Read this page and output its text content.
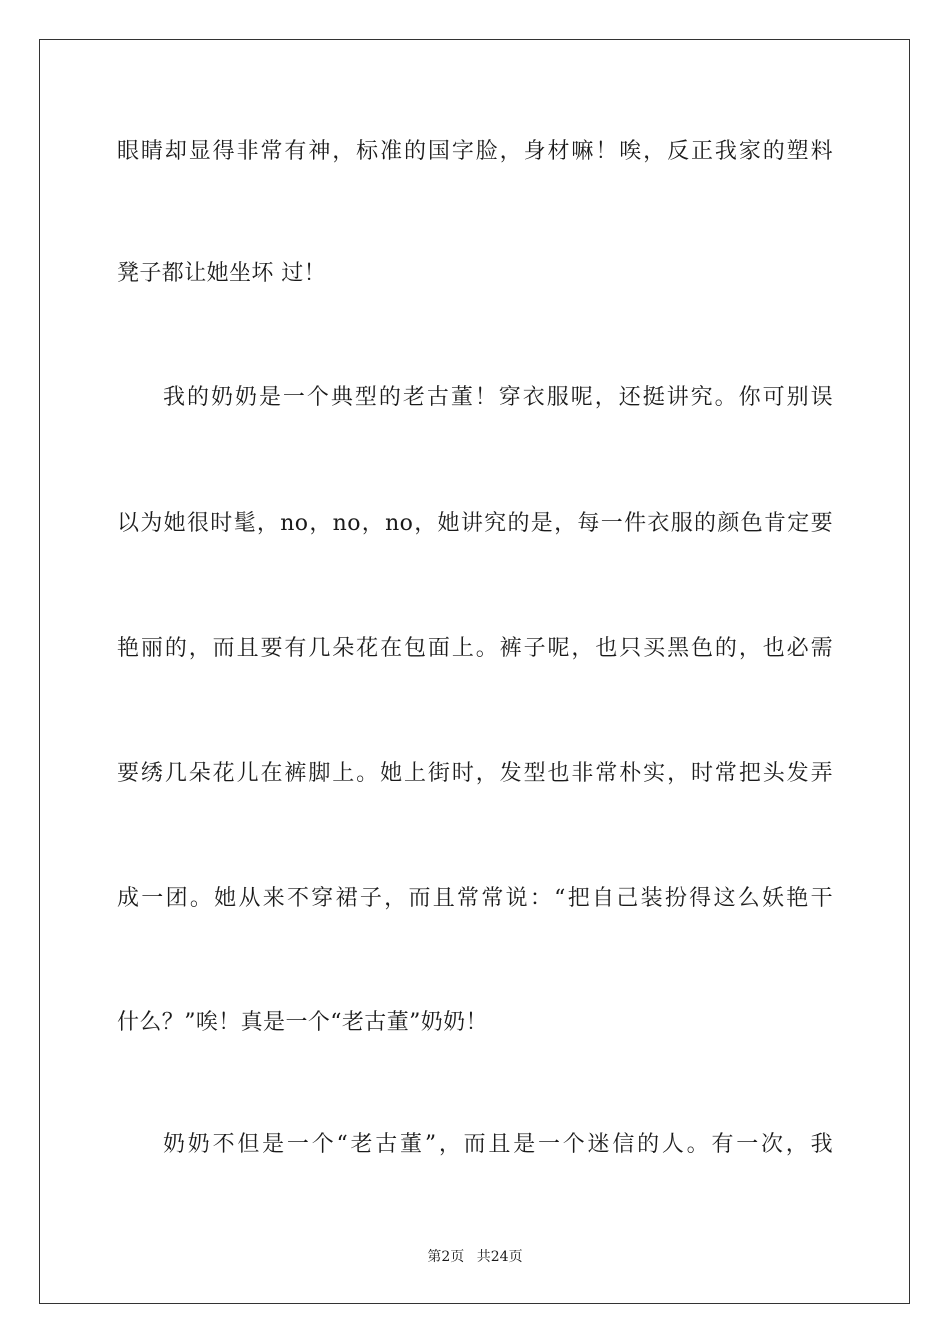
眼睛却显得非常有神，标准的国字脸，身材嘛！唉，反正我家的塑料
凳子都让她坐坏 过！
我的奶奶是一个典型的老古董！穿衣服呢，还挺讲究。你可别误
以为她很时髦，no，no，no，她讲究的是，每一件衣服的颜色肯定要
艳丽的，而且要有几朵花在包面上。裤子呢，也只买黑色的，也必需
要绣几朵花儿在裤脚上。她上街时，发型也非常朴实，时常把头发弄
成一团。她从来不穿裙子，而且常常说：“把自己装扮得这么妖艳干
什么？”唉！真是一个“老古董”奶奶！
奶奶不但是一个“老古董”，而且是一个迷信的人。有一次，我
第2页 共24页
